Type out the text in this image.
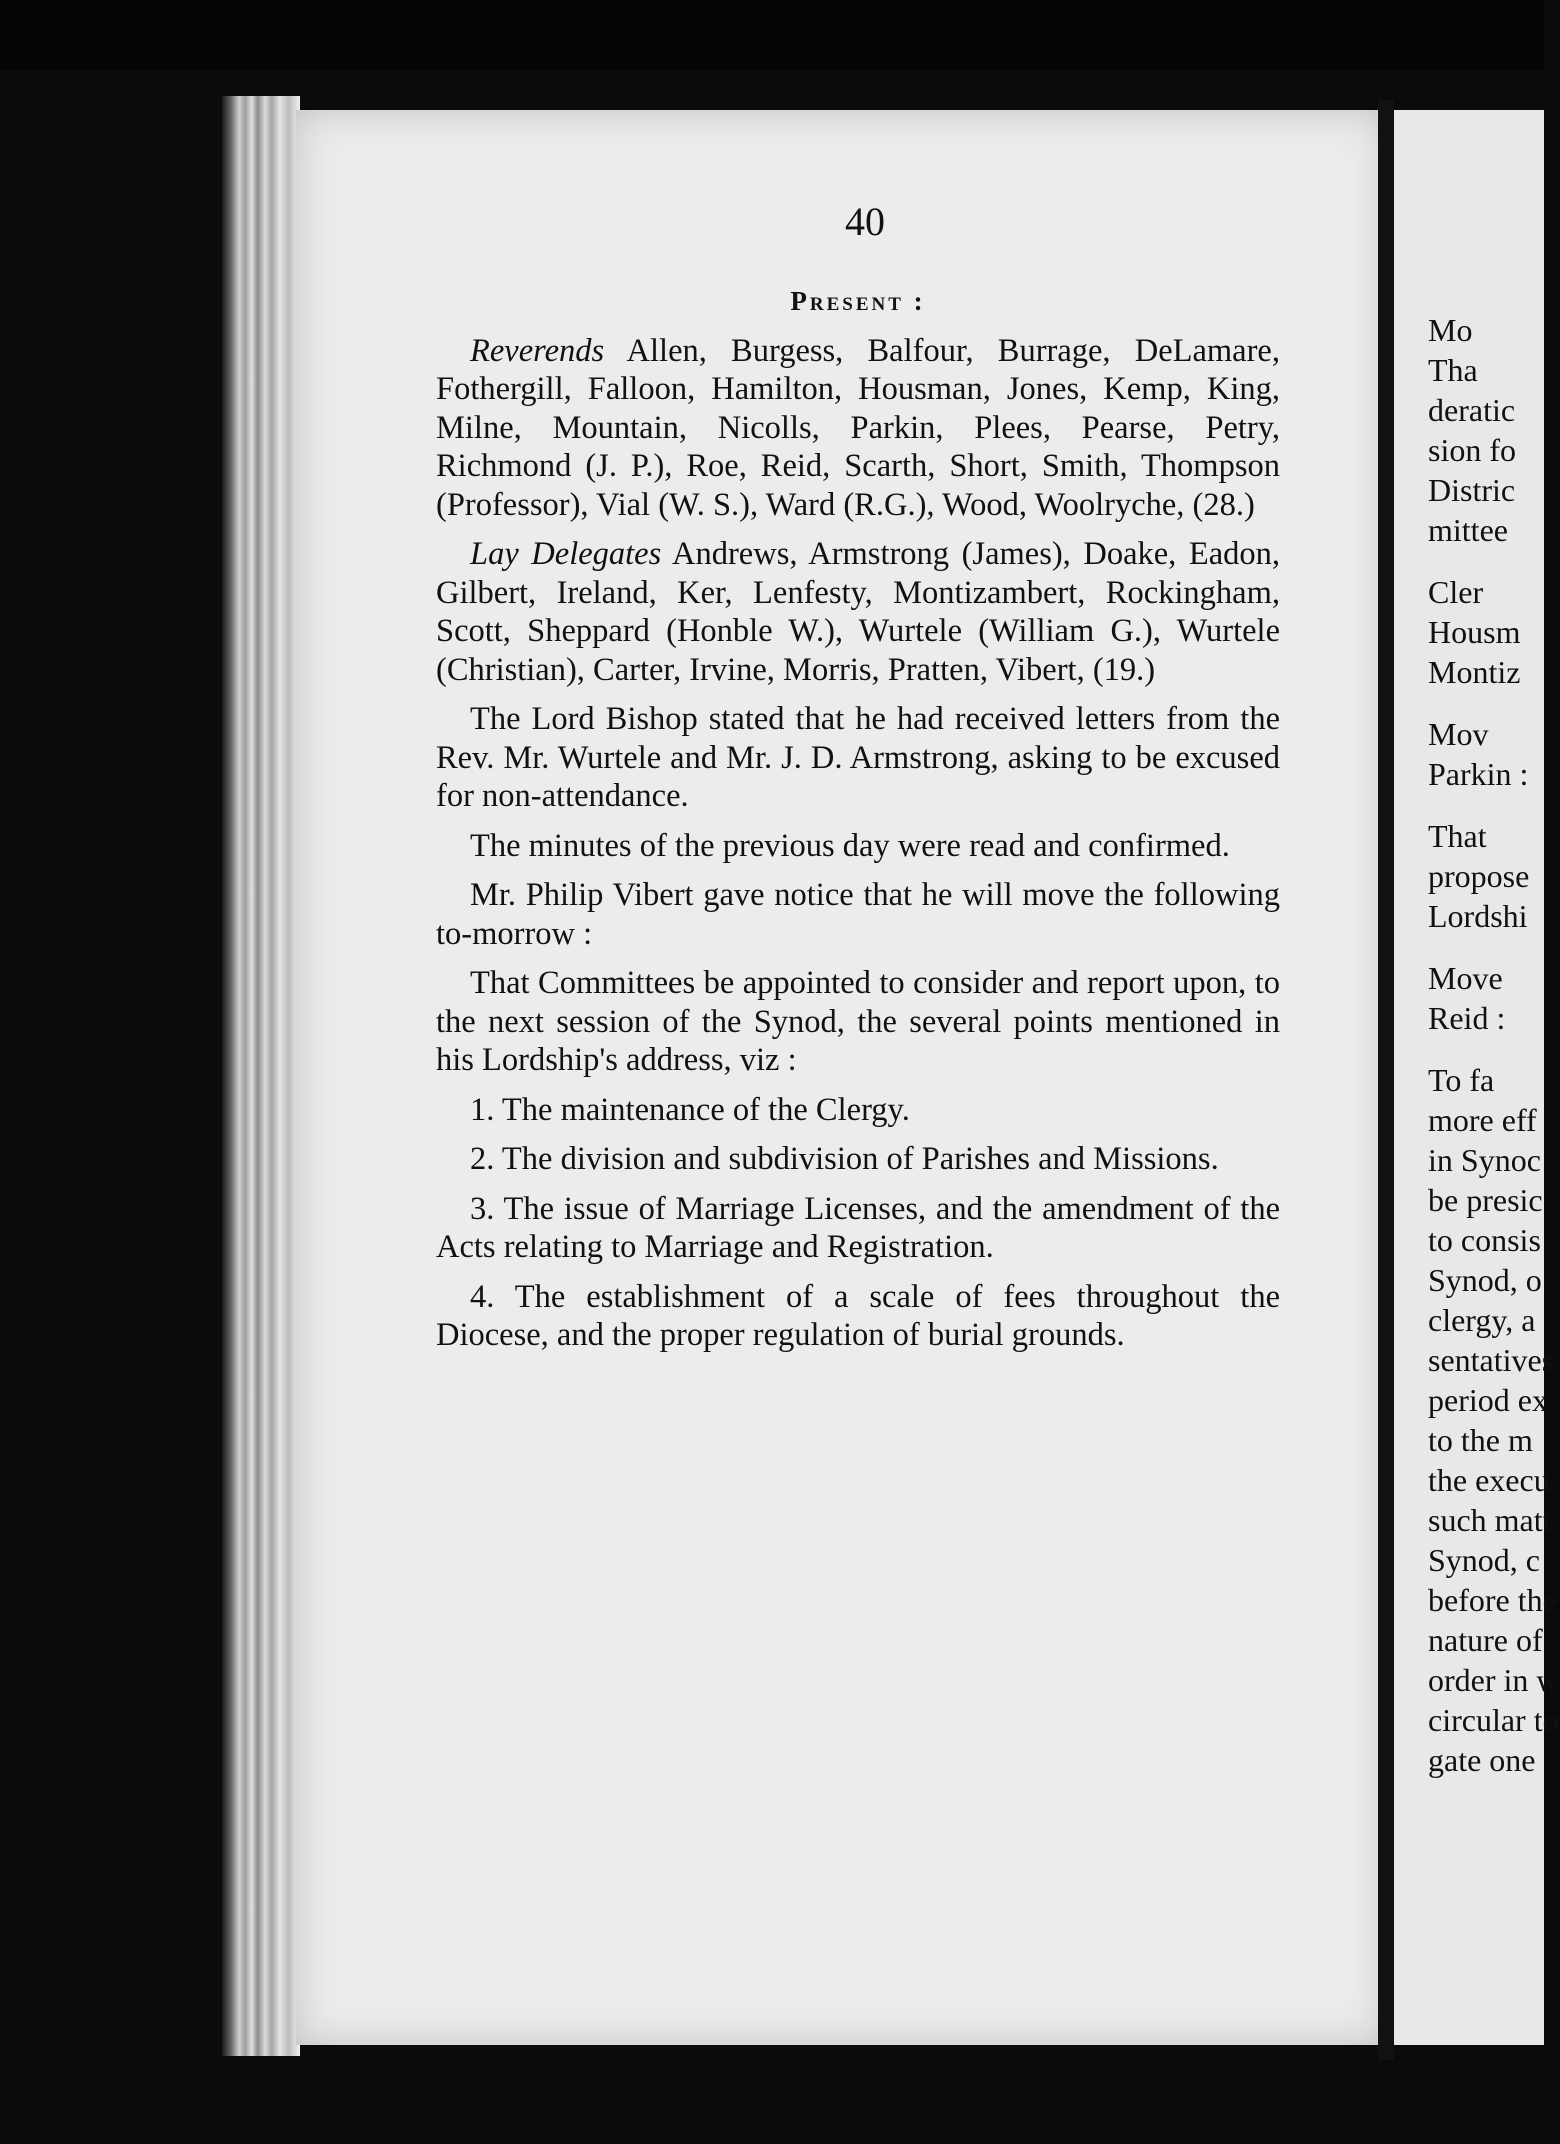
40

Present :

Reverends Allen, Burgess, Balfour, Burrage, DeLamare, Fothergill, Falloon, Hamilton, Housman, Jones, Kemp, King, Milne, Mountain, Nicolls, Parkin, Plees, Pearse, Petry, Richmond (J. P.), Roe, Reid, Scarth, Short, Smith, Thompson (Professor), Vial (W. S.), Ward (R.G.), Wood, Woolryche, (28.)

Lay Delegates Andrews, Armstrong (James), Doake, Eadon, Gilbert, Ireland, Ker, Lenfesty, Montizambert, Rockingham, Scott, Sheppard (Honble W.), Wurtele (William G.), Wurtele (Christian), Carter, Irvine, Morris, Pratten, Vibert, (19.)

The Lord Bishop stated that he had received letters from the Rev. Mr. Wurtele and Mr. J. D. Armstrong, asking to be excused for non-attendance.

The minutes of the previous day were read and confirmed.

Mr. Philip Vibert gave notice that he will move the following to-morrow :

That Committees be appointed to consider and report upon, to the next session of the Synod, the several points mentioned in his Lordship's address, viz :

1. The maintenance of the Clergy.

2. The division and subdivision of Parishes and Missions.

3. The issue of Marriage Licenses, and the amendment of the Acts relating to Marriage and Registration.

4. The establishment of a scale of fees throughout the Diocese, and the proper regulation of burial grounds.

Mo
Tha
deratic
sion fo
Distric
mittee
Cler
Housm
Montiz
Mov
Parkin :
That
propose
Lordshi
Move
Reid :
To fa
more eff
in Synoc
be presic
to consis
Synod, o
clergy, a
sentatives
period ex
to the m
the execu
such matt
Synod, c
before the
nature of
order in w
circular to
gate one
